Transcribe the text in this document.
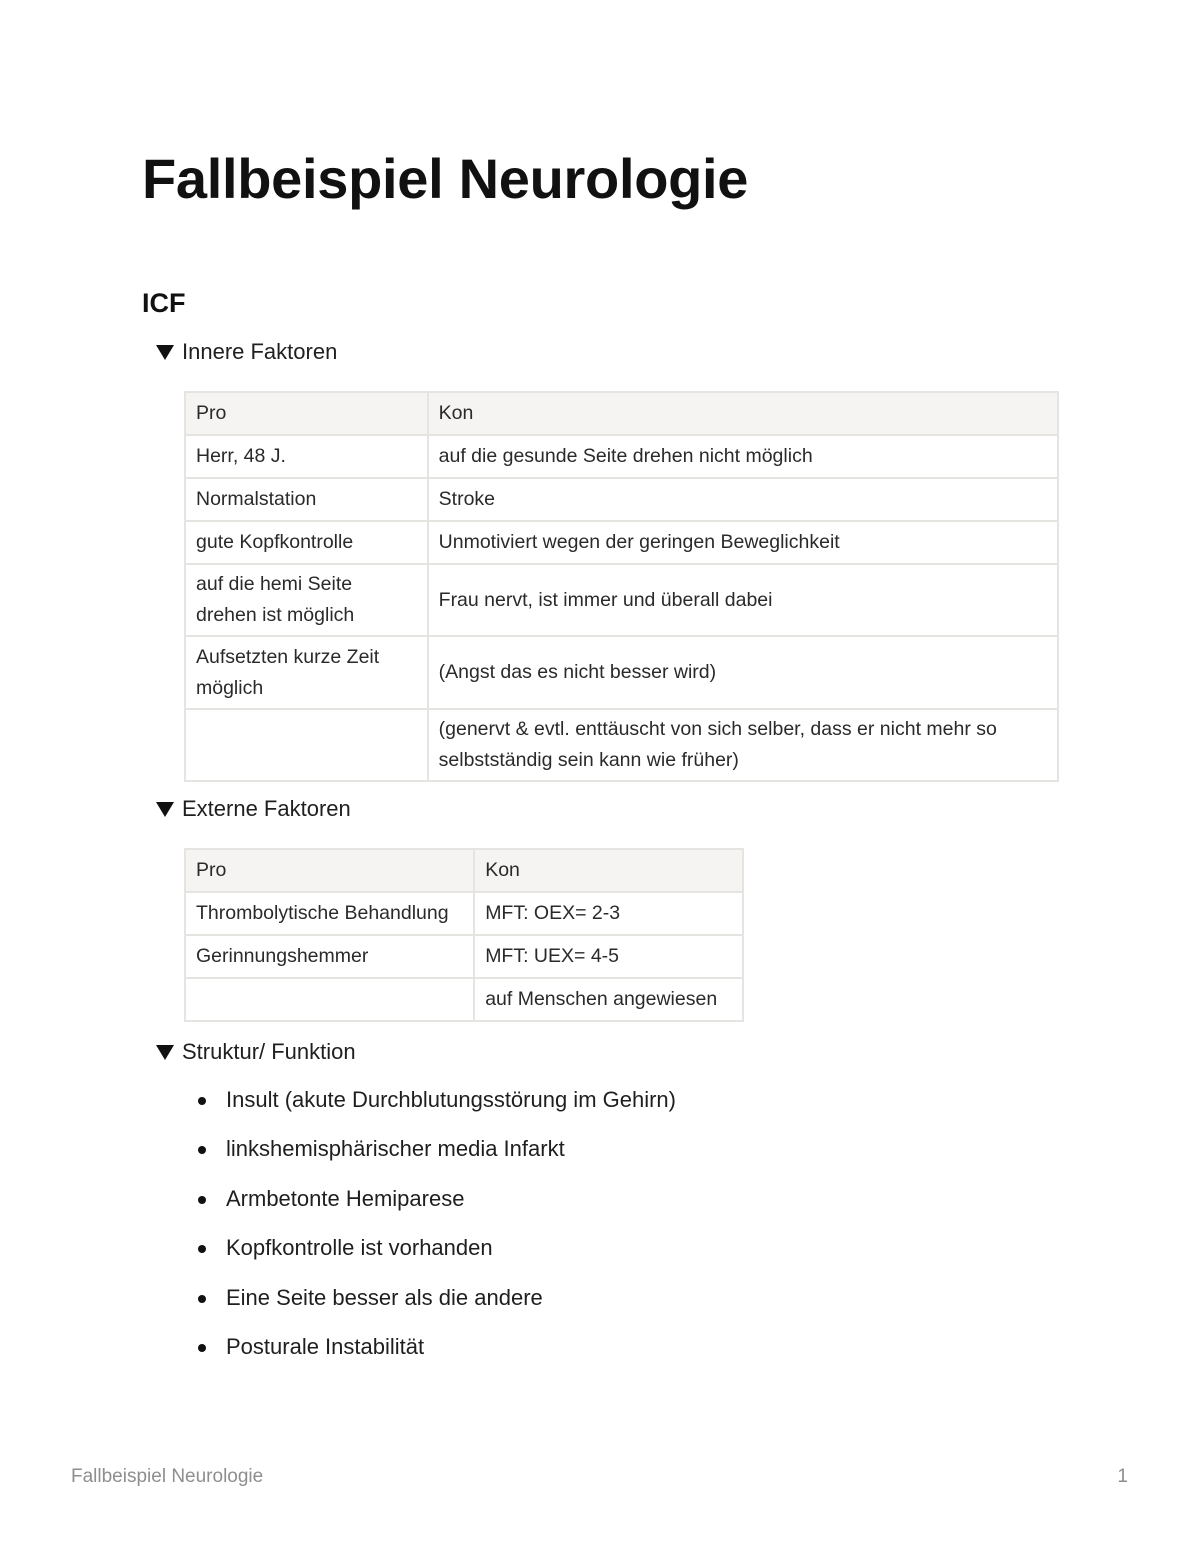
Fallbeispiel Neurologie
ICF
Innere Faktoren
Pro	Kon
Herr, 48 J.	auf die gesunde Seite drehen nicht möglich
Normalstation	Stroke
gute Kopfkontrolle	Unmotiviert wegen der geringen Beweglichkeit
auf die hemi Seite drehen ist möglich	Frau nervt, ist immer und überall dabei
Aufsetzten kurze Zeit möglich	(Angst das es nicht besser wird)
	(genervt & evtl. enttäuscht von sich selber, dass er nicht mehr so selbstständig sein kann wie früher)
Externe Faktoren
Pro	Kon
Thrombolytische Behandlung	MFT: OEX= 2-3
Gerinnungshemmer	MFT: UEX= 4-5
	auf Menschen angewiesen
Struktur/ Funktion
Insult (akute Durchblutungsstörung im Gehirn)
linkshemisphärischer media Infarkt
Armbetonte Hemiparese
Kopfkontrolle ist vorhanden
Eine Seite besser als die andere
Posturale Instabilität
Fallbeispiel Neurologie	1
